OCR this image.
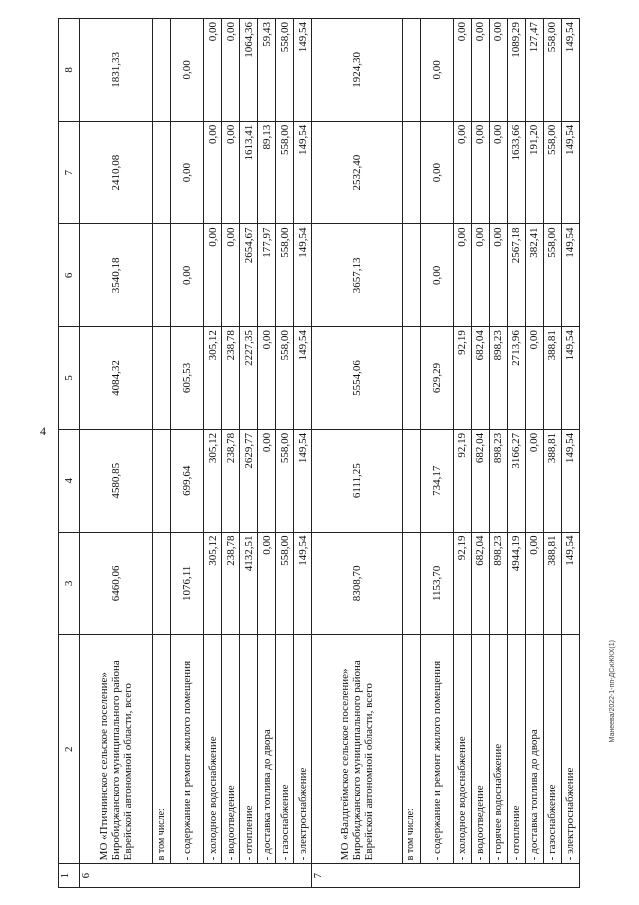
4
Манеева/2022-1-пп-ДСиЖКХ(1)
1	2	3	4	5	6	7	8
6	МО «Птичнинское сельское поселение» Биробиджанского муниципального района Еврейской автономной области, всего	6460,06	4580,85	4084,32	3540,18	2410,08	1831,33
	в том числе:						
	- содержание и ремонт жилого помещения	1076,11	699,64	605,53	0,00	0,00	0,00
	- холодное водоснабжение	305,12	305,12	305,12	0,00	0,00	0,00
	- водоотведение	238,78	238,78	238,78	0,00	0,00	0,00
	- отопление	4132,51	2629,77	2227,35	2654,67	1613,41	1064,36
	- доставка топлива до двора	0,00	0,00	0,00	177,97	89,13	59,43
	- газоснабжение	558,00	558,00	558,00	558,00	558,00	558,00
	- электроснабжение	149,54	149,54	149,54	149,54	149,54	149,54
7	МО «Валдгеймское сельское поселение» Биробиджанского муниципального района Еврейской автономной области, всего	8308,70	6111,25	5554,06	3657,13	2532,40	1924,30
	в том числе:						
	- содержание и ремонт жилого помещения	1153,70	734,17	629,29	0,00	0,00	0,00
	- холодное водоснабжение	92,19	92,19	92,19	0,00	0,00	0,00
	- водоотведение	682,04	682,04	682,04	0,00	0,00	0,00
	- горячее водоснабжение	898,23	898,23	898,23	0,00	0,00	0,00
	- отопление	4944,19	3166,27	2713,96	2567,18	1633,66	1089,29
	- доставка топлива до двора	0,00	0,00	0,00	382,41	191,20	127,47
	- газоснабжение	388,81	388,81	388,81	558,00	558,00	558,00
	- электроснабжение	149,54	149,54	149,54	149,54	149,54	149,54
